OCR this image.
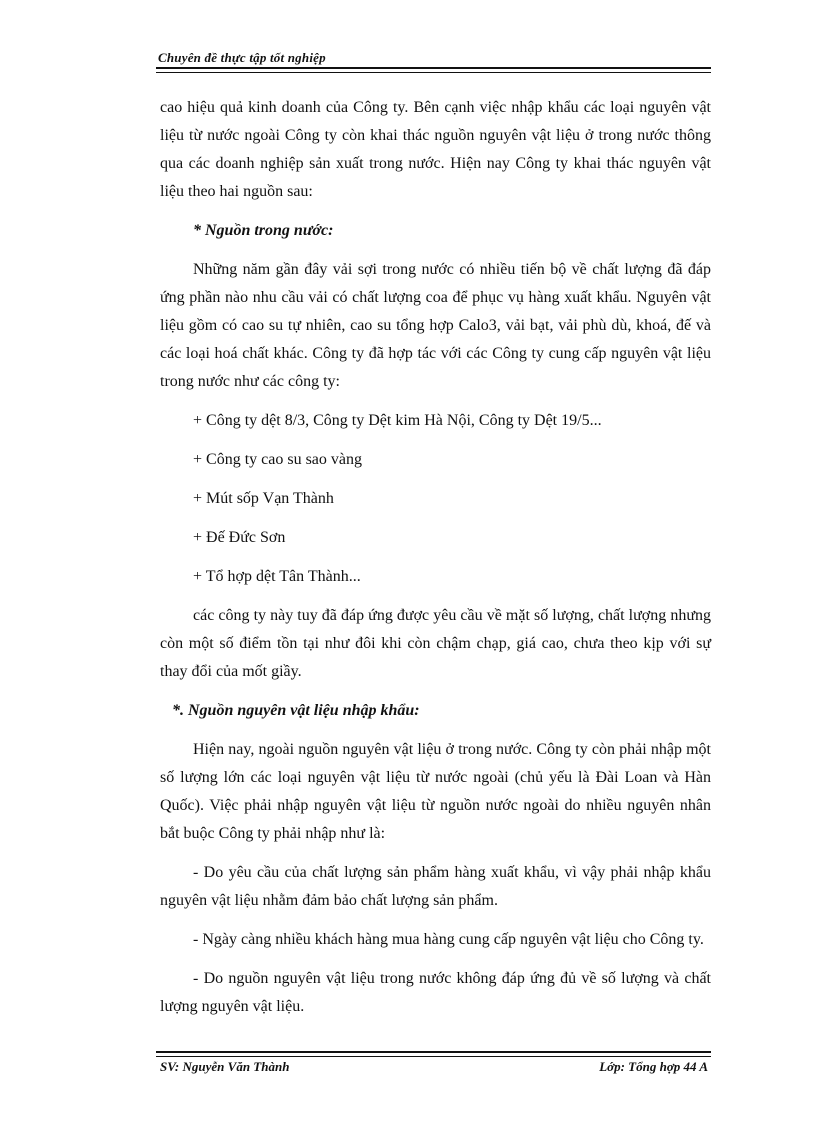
Chuyên đề thực tập tốt nghiệp

cao hiệu quả kinh doanh của Công ty. Bên cạnh việc nhập khẩu các loại nguyên vật liệu từ nước ngoài Công ty còn khai thác nguồn nguyên vật liệu ở trong nước thông qua các doanh nghiệp sản xuất trong nước. Hiện nay Công ty khai thác nguyên vật liệu theo hai nguồn sau:

* Nguồn trong nước:

Những năm gần đây vải sợi trong nước có nhiều tiến bộ về chất lượng đã đáp ứng phần nào nhu cầu vải có chất lượng coa để phục vụ hàng xuất khẩu. Nguyên vật liệu gồm có cao su tự nhiên, cao su tổng hợp Calo3, vải bạt, vải phù dù, khoá, đế và các loại hoá chất khác. Công ty đã hợp tác với các Công ty cung cấp nguyên vật liệu trong nước như các công ty:

+ Công ty dệt 8/3, Công ty Dệt kim Hà Nội, Công ty Dệt 19/5...

+ Công ty cao su sao vàng

+ Mút sốp Vạn Thành

+ Đế Đức Sơn

+ Tổ hợp dệt Tân Thành...

các công ty này tuy đã đáp ứng được yêu cầu về mặt số lượng, chất lượng nhưng còn một số điểm tồn tại như đôi khi còn chậm chạp, giá cao, chưa theo kịp với sự thay đổi của mốt giầy.

*. Nguồn nguyên vật liệu nhập khẩu:

Hiện nay, ngoài nguồn nguyên vật liệu ở trong nước. Công ty còn phải nhập một số lượng lớn các loại nguyên vật liệu từ nước ngoài (chủ yếu là Đài Loan và Hàn Quốc). Việc phải nhập nguyên vật liệu từ nguồn nước ngoài do nhiều nguyên nhân bắt buộc Công ty phải nhập như là:

- Do yêu cầu của chất lượng sản phẩm hàng xuất khẩu, vì vậy phải nhập khẩu nguyên vật liệu nhằm đảm bảo chất lượng sản phẩm.

- Ngày càng nhiều khách hàng mua hàng cung cấp nguyên vật liệu cho Công ty.

- Do nguồn nguyên vật liệu trong nước không đáp ứng đủ về số lượng và chất lượng nguyên vật liệu.

SV: Nguyễn Văn Thành	Lớp: Tổng hợp 44 A
